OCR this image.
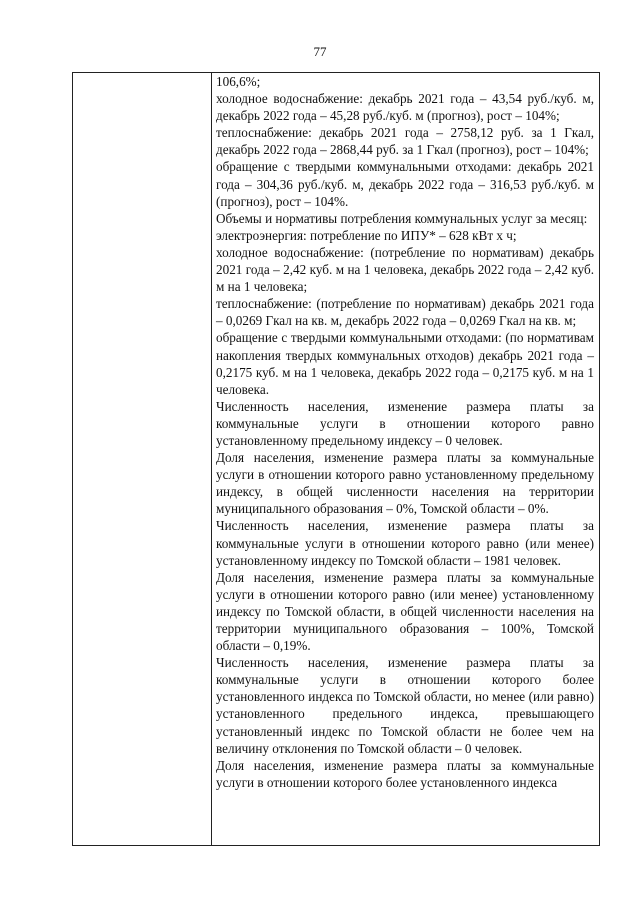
77

106,6%;

холодное водоснабжение: декабрь 2021 года – 43,54 руб./куб. м, декабрь 2022 года – 45,28 руб./куб. м (прогноз), рост – 104%;

теплоснабжение: декабрь 2021 года – 2758,12 руб. за 1 Гкал, декабрь 2022 года – 2868,44 руб. за 1 Гкал (прогноз), рост – 104%;

обращение с твердыми коммунальными отходами: декабрь 2021 года – 304,36 руб./куб. м, декабрь 2022 года – 316,53 руб./куб. м (прогноз), рост – 104%.

Объемы и нормативы потребления коммунальных услуг за месяц:

электроэнергия: потребление по ИПУ* – 628 кВт х ч;

холодное водоснабжение: (потребление по нормативам) декабрь 2021 года – 2,42 куб. м на 1 человека, декабрь 2022 года – 2,42 куб. м на 1 человека;

теплоснабжение: (потребление по нормативам) декабрь 2021 года – 0,0269 Гкал на кв. м, декабрь 2022 года – 0,0269 Гкал на кв. м;

обращение с твердыми коммунальными отходами: (по нормативам накопления твердых коммунальных отходов) декабрь 2021 года – 0,2175 куб. м на 1 человека, декабрь 2022 года – 0,2175 куб. м на 1 человека.

Численность населения, изменение размера платы за коммунальные услуги в отношении которого равно установленному предельному индексу – 0 человек.

Доля населения, изменение размера платы за коммунальные услуги в отношении которого равно установленному предельному индексу, в общей численности населения на территории муниципального образования – 0%, Томской области – 0%.

Численность населения, изменение размера платы за коммунальные услуги в отношении которого равно (или менее) установленному индексу по Томской области – 1981 человек.

Доля населения, изменение размера платы за коммунальные услуги в отношении которого равно (или менее) установленному индексу по Томской области, в общей численности населения на территории муниципального образования – 100%, Томской области – 0,19%.

Численность населения, изменение размера платы за коммунальные услуги в отношении которого более установленного индекса по Томской области, но менее (или равно) установленного предельного индекса, превышающего установленный индекс по Томской области не более чем на величину отклонения по Томской области – 0 человек.

Доля населения, изменение размера платы за коммунальные услуги в отношении которого более установленного индекса
